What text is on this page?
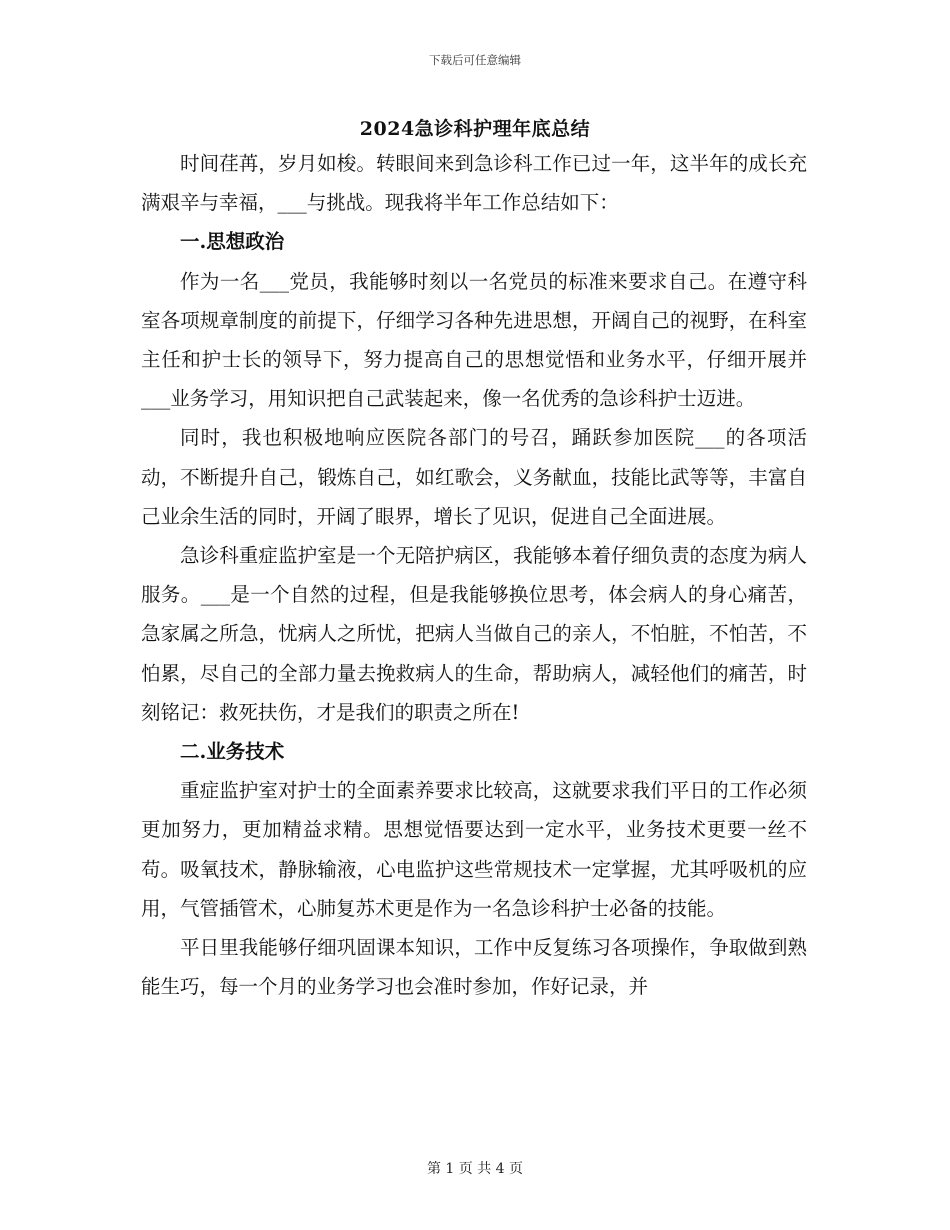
下载后可任意编辑
2024急诊科护理年底总结

时间荏苒，岁月如梭。转眼间来到急诊科工作已过一年，这半年的成长充满艰辛与幸福，___与挑战。现我将半年工作总结如下：

一.思想政治

作为一名___党员，我能够时刻以一名党员的标准来要求自己。在遵守科室各项规章制度的前提下，仔细学习各种先进思想，开阔自己的视野，在科室主任和护士长的领导下，努力提高自己的思想觉悟和业务水平，仔细开展并___业务学习，用知识把自己武装起来，像一名优秀的急诊科护士迈进。

同时，我也积极地响应医院各部门的号召，踊跃参加医院___的各项活动，不断提升自己，锻炼自己，如红歌会，义务献血，技能比武等等，丰富自己业余生活的同时，开阔了眼界，增长了见识，促进自己全面进展。

急诊科重症监护室是一个无陪护病区，我能够本着仔细负责的态度为病人服务。___是一个自然的过程，但是我能够换位思考，体会病人的身心痛苦，急家属之所急，忧病人之所忧，把病人当做自己的亲人，不怕脏，不怕苦，不怕累，尽自己的全部力量去挽救病人的生命，帮助病人，减轻他们的痛苦，时刻铭记：救死扶伤，才是我们的职责之所在!

二.业务技术

重症监护室对护士的全面素养要求比较高，这就要求我们平日的工作必须更加努力，更加精益求精。思想觉悟要达到一定水平，业务技术更要一丝不苟。吸氧技术，静脉输液，心电监护这些常规技术一定掌握，尤其呼吸机的应用，气管插管术，心肺复苏术更是作为一名急诊科护士必备的技能。

平日里我能够仔细巩固课本知识，工作中反复练习各项操作，争取做到熟能生巧，每一个月的业务学习也会准时参加，作好记录，并

第 1 页 共 4 页
